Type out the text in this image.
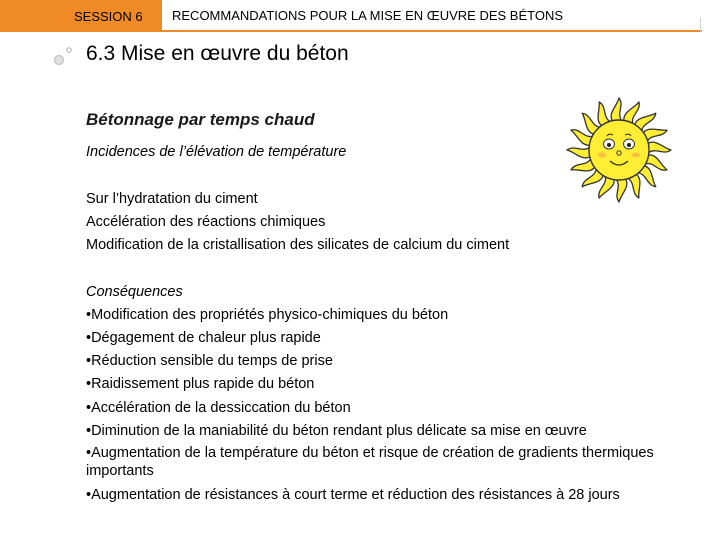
SESSION 6 RECOMMANDATIONS POUR LA MISE EN ŒUVRE DES BÉTONS
6.3 Mise en œuvre du béton
Bétonnage par temps chaud
Incidences de l’élévation de température
Sur l’hydratation du ciment
Accélération des réactions chimiques
Modification de la cristallisation des silicates de calcium du ciment
Conséquences
•Modification des propriétés physico-chimiques du béton
•Dégagement de chaleur plus rapide
•Réduction sensible du temps de prise
•Raidissement plus rapide du béton
•Accélération de la dessiccation du béton
•Diminution de la maniabilité du béton rendant plus délicate sa mise en œuvre
•Augmentation de la température du béton et risque de création de gradients thermiques importants
•Augmentation de résistances à court terme et réduction des résistances à 28 jours
